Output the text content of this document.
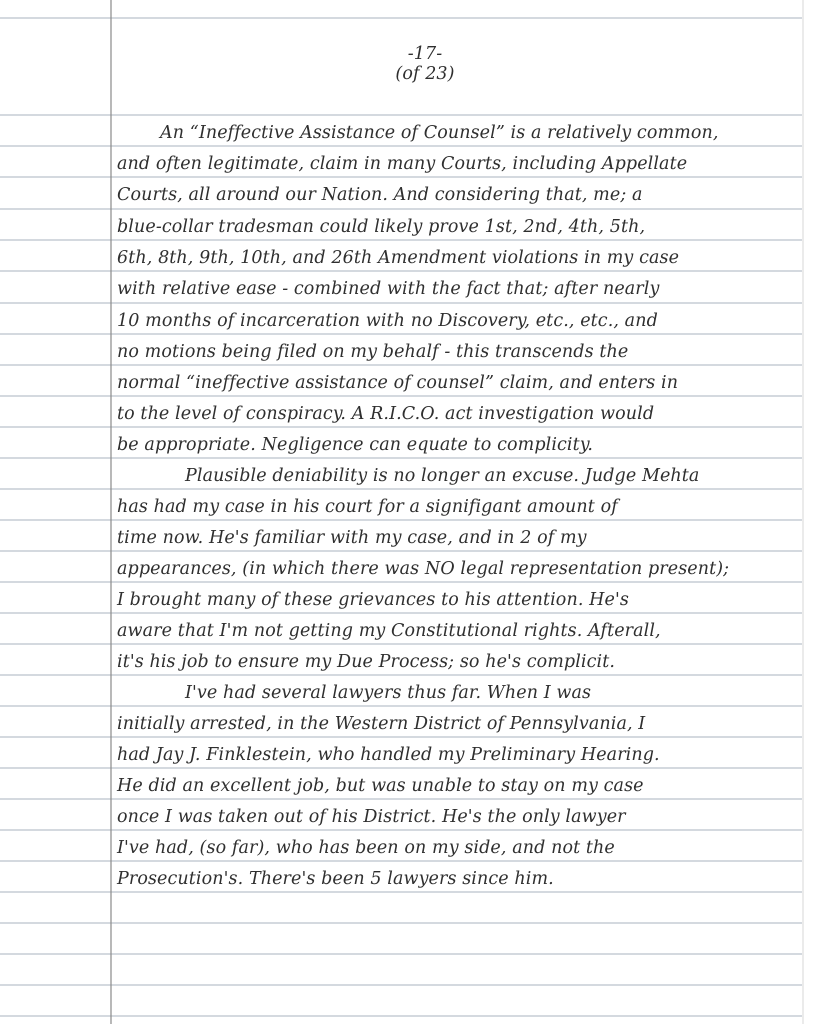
-17-
(of 23)
An “Ineffective Assistance of Counsel” is a relatively common,
and often legitimate, claim in many Courts, including Appellate
Courts, all around our Nation. And considering that, me; a
blue-collar tradesman could likely prove 1st, 2nd, 4th, 5th,
6th, 8th, 9th, 10th, and 26th Amendment violations in my case
with relative ease - combined with the fact that; after nearly
10 months of incarceration with no Discovery, etc., etc., and
no motions being filed on my behalf - this transcends the
normal “ineffective assistance of counsel” claim, and enters in
to the level of conspiracy. A R.I.C.O. act investigation would
be appropriate. Negligence can equate to complicity.
Plausible deniability is no longer an excuse. Judge Mehta
has had my case in his court for a signifigant amount of
time now. He's familiar with my case, and in 2 of my
appearances, (in which there was NO legal representation present);
I brought many of these grievances to his attention. He's
aware that I'm not getting my Constitutional rights. Afterall,
it's his job to ensure my Due Process; so he's complicit.
I've had several lawyers thus far. When I was
initially arrested, in the Western District of Pennsylvania, I
had Jay J. Finklestein, who handled my Preliminary Hearing.
He did an excellent job, but was unable to stay on my case
once I was taken out of his District. He's the only lawyer
I've had, (so far), who has been on my side, and not the
Prosecution's. There's been 5 lawyers since him.
